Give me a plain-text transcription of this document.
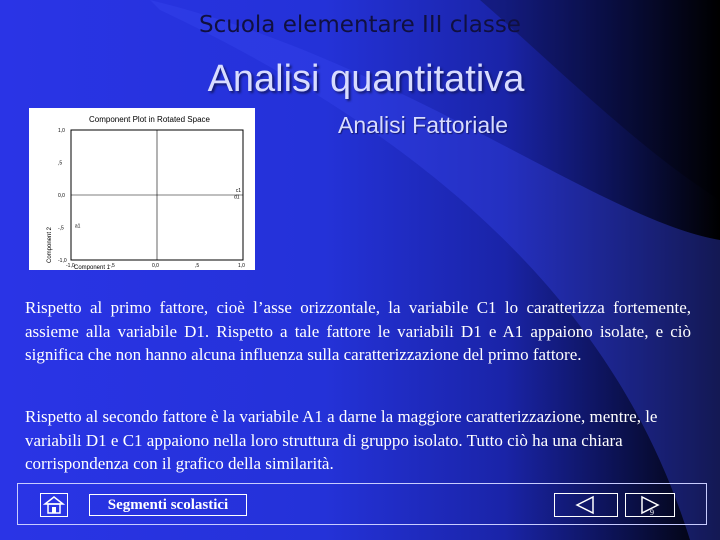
Scuola elementare III classe
Analisi quantitativa
Analisi Fattoriale
Component Plot in Rotated Space
Component 1
Component 2
-1,0	-,5	0,0	,5	1,0
1,0
,5
0,0
-,5
-1,0
c1
d1
a1
Rispetto al primo fattore, cioè l’asse orizzontale, la variabile C1 lo caratterizza fortemente, assieme alla variabile D1. Rispetto a tale fattore le variabili D1 e A1 appaiono isolate, e ciò significa che non hanno alcuna influenza sulla caratterizzazione del primo fattore.
Rispetto al secondo fattore è la variabile A1 a darne la maggiore caratterizzazione, mentre, le variabili D1 e C1 appaiono nella loro struttura di gruppo isolato. Tutto ciò ha una chiara corrispondenza con il grafico della similarità.
Segmenti scolastici	9
